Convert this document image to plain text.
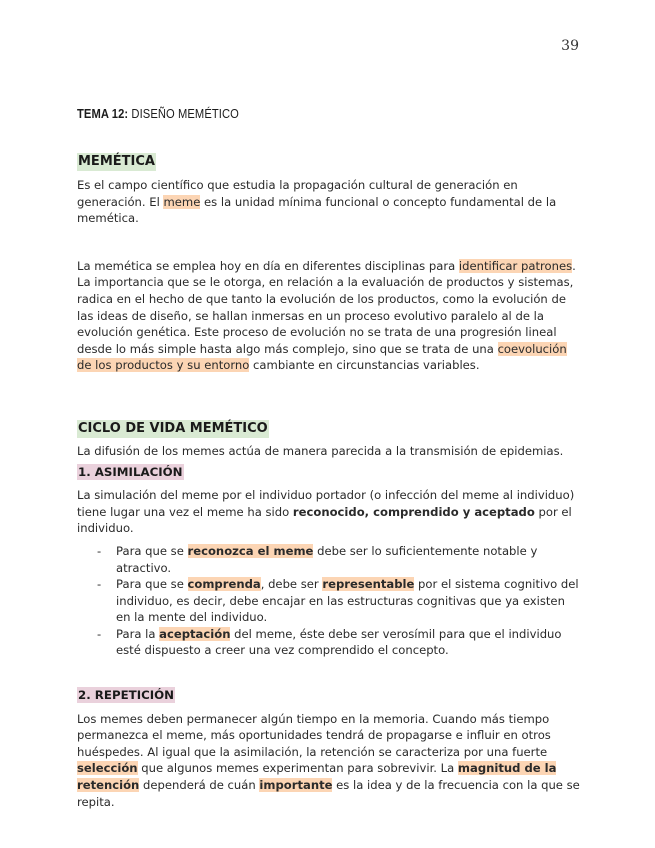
39
TEMA 12: DISEÑO MEMÉTICO
MEMÉTICA

Es el campo científico que estudia la propagación cultural de generación en generación. El meme es la unidad mínima funcional o concepto fundamental de la memética.

La memética se emplea hoy en día en diferentes disciplinas para identificar patrones. La importancia que se le otorga, en relación a la evaluación de productos y sistemas, radica en el hecho de que tanto la evolución de los productos, como la evolución de las ideas de diseño, se hallan inmersas en un proceso evolutivo paralelo al de la evolución genética. Este proceso de evolución no se trata de una progresión lineal desde lo más simple hasta algo más complejo, sino que se trata de una coevolución de los productos y su entorno cambiante en circunstancias variables.

CICLO DE VIDA MEMÉTICO

La difusión de los memes actúa de manera parecida a la transmisión de epidemias.

1. ASIMILACIÓN

La simulación del meme por el individuo portador (o infección del meme al individuo) tiene lugar una vez el meme ha sido reconocido, comprendido y aceptado por el individuo.

- Para que se reconozca el meme debe ser lo suficientemente notable y atractivo.
- Para que se comprenda, debe ser representable por el sistema cognitivo del individuo, es decir, debe encajar en las estructuras cognitivas que ya existen en la mente del individuo.
- Para la aceptación del meme, éste debe ser verosímil para que el individuo esté dispuesto a creer una vez comprendido el concepto.
2. REPETICIÓN

Los memes deben permanecer algún tiempo en la memoria. Cuando más tiempo permanezca el meme, más oportunidades tendrá de propagarse e influir en otros huéspedes. Al igual que la asimilación, la retención se caracteriza por una fuerte selección que algunos memes experimentan para sobrevivir. La magnitud de la retención dependerá de cuán importante es la idea y de la frecuencia con la que se repita.
